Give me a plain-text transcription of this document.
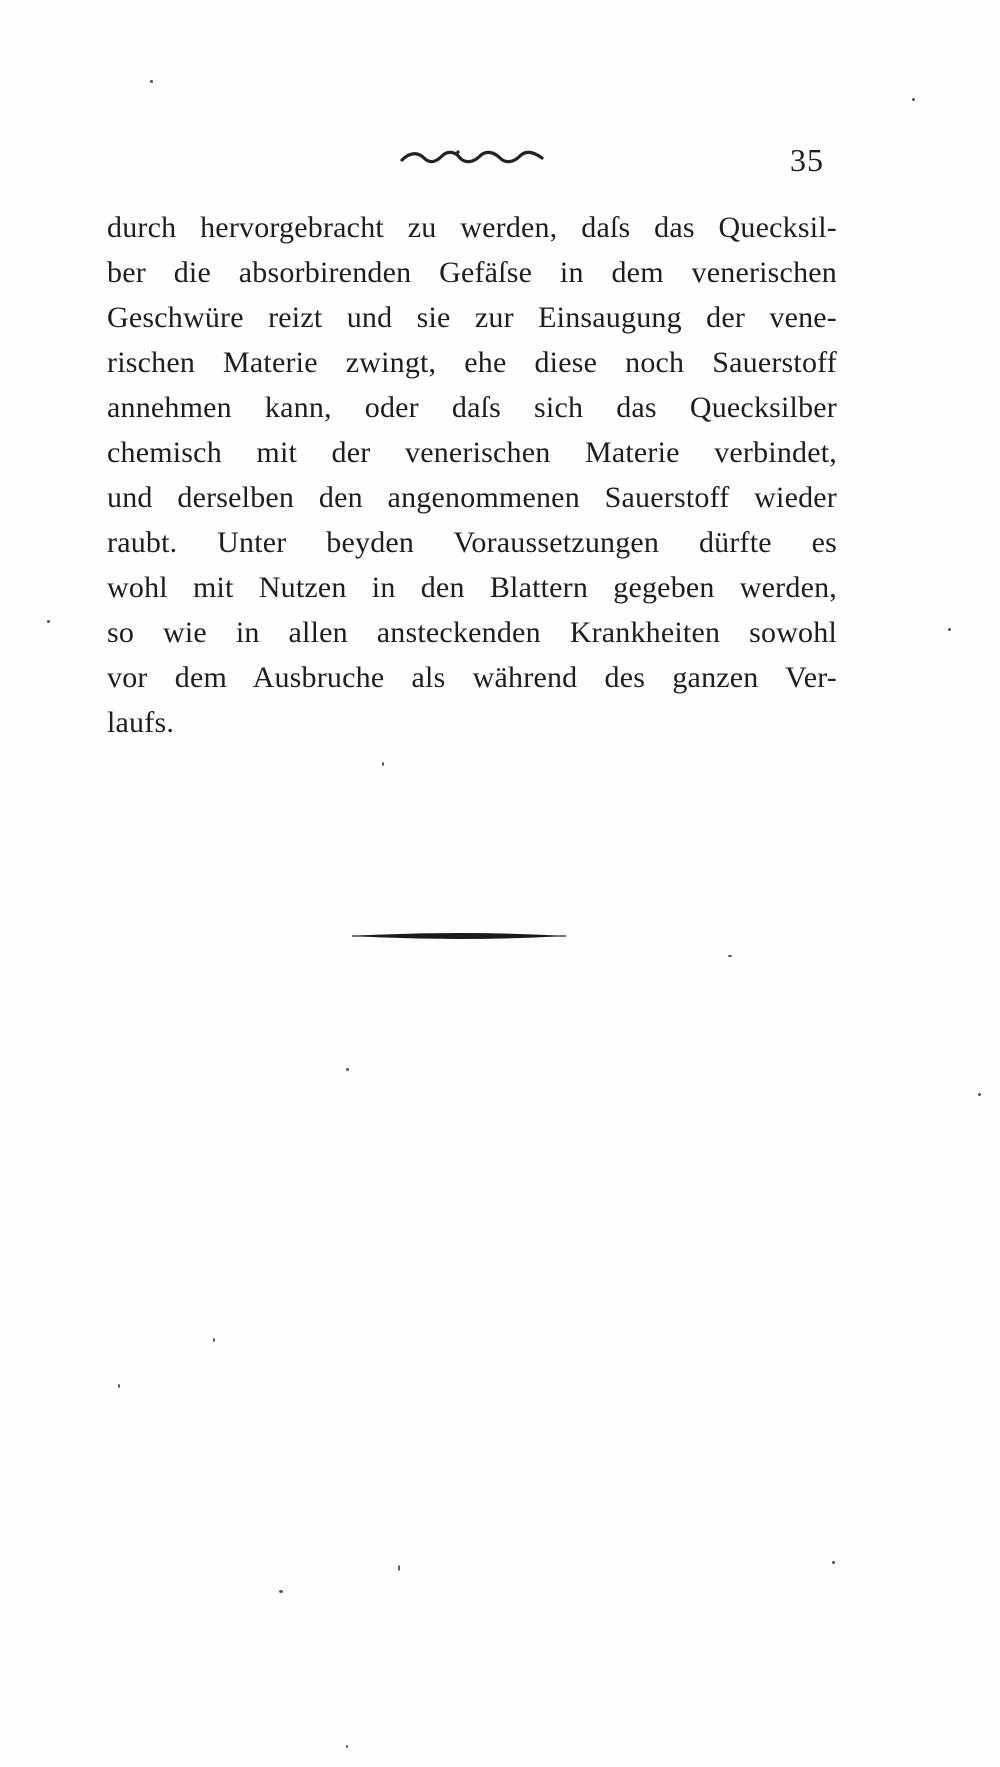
35
durch hervorgebracht zu werden, daſs das Quecksil-
ber die absorbirenden Gefäſse in dem venerischen
Geschwüre reizt und sie zur Einsaugung der vene-
rischen Materie zwingt, ehe diese noch Sauerstoff
annehmen kann, oder daſs sich das Quecksilber
chemisch mit der venerischen Materie verbindet,
und derselben den angenommenen Sauerstoff wieder
raubt. Unter beyden Voraussetzungen dürfte es
wohl mit Nutzen in den Blattern gegeben werden,
so wie in allen ansteckenden Krankheiten sowohl
vor dem Ausbruche als während des ganzen Ver-
laufs.
